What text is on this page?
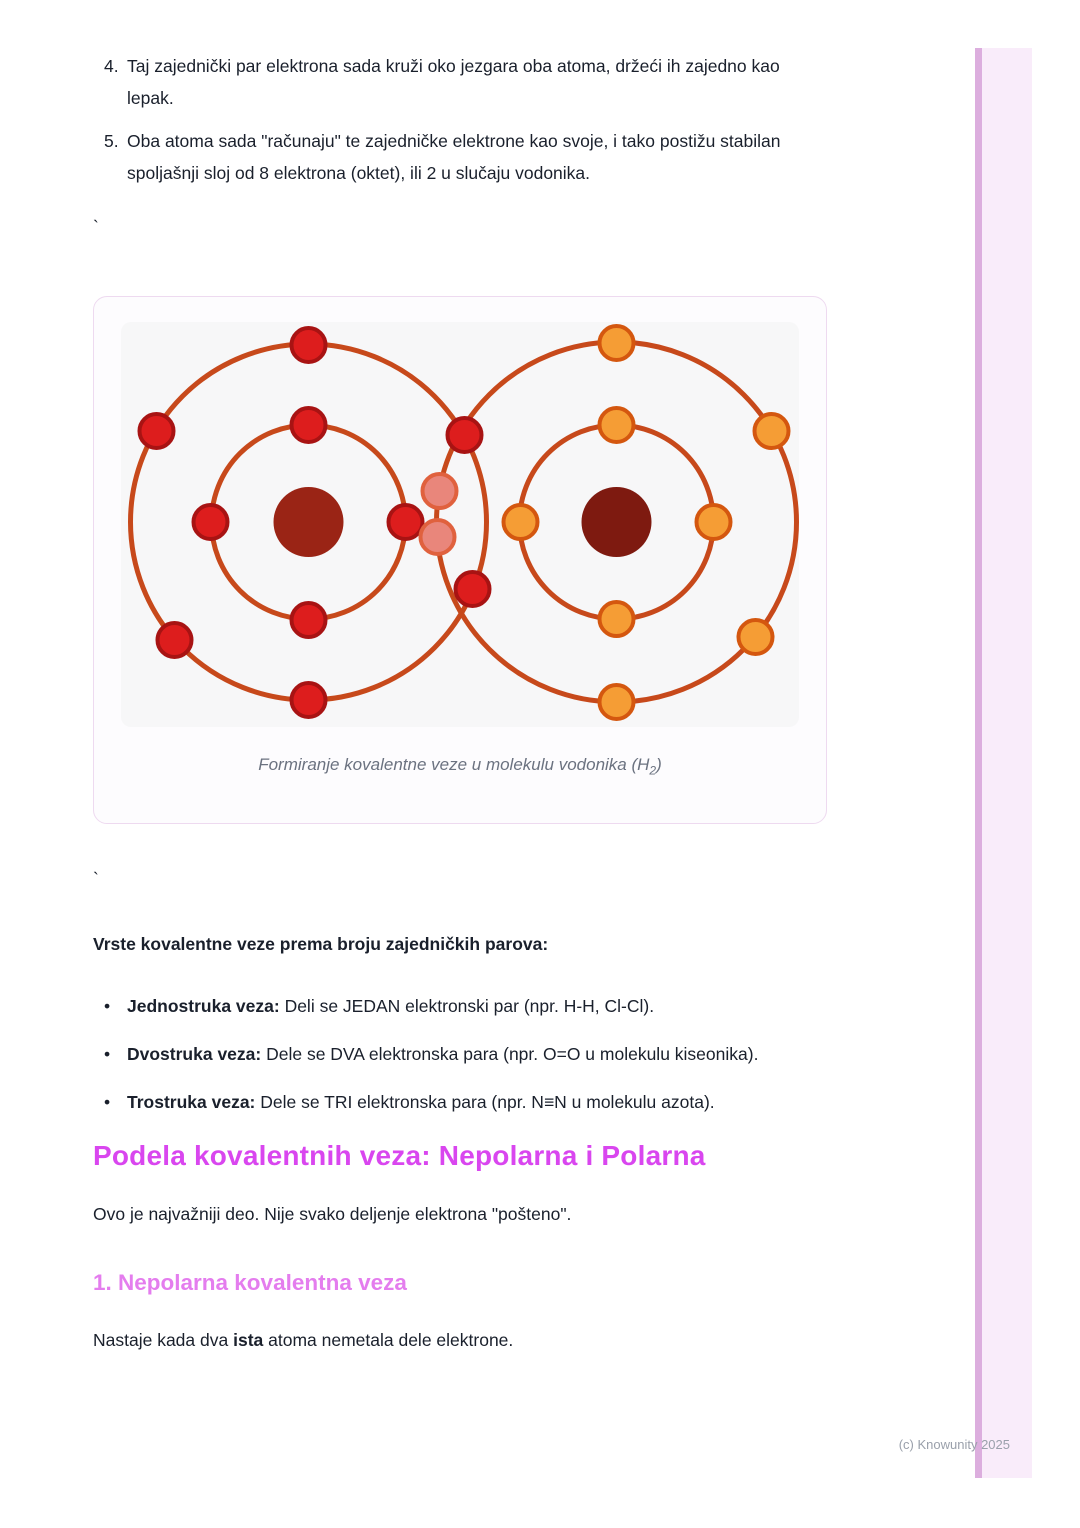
4. Taj zajednički par elektrona sada kruži oko jezgara oba atoma, držeći ih zajedno kao lepak.
5. Oba atoma sada "računaju" te zajedničke elektrone kao svoje, i tako postižu stabilan spoljašnji sloj od 8 elektrona (oktet), ili 2 u slučaju vodonika.
`
Formiranje kovalentne veze u molekulu vodonika $(H_2)$
`

Vrste kovalentne veze prema broju zajedničkih parova:

• Jednostruka veza: Deli se JEDAN elektronski par (npr. H-H, Cl-Cl).
• Dvostruka veza: Dele se DVA elektronska para (npr. O=O u molekulu kiseonika).
• Trostruka veza: Dele se TRI elektronska para (npr. N≡N u molekulu azota).
Podela kovalentnih veza: Nepolarna i Polarna

Ovo je najvažniji deo. Nije svako deljenje elektrona "pošteno".

1. Nepolarna kovalentna veza

Nastaje kada dva ista atoma nemetala dele elektrone.

(c) Knowunity 2025
